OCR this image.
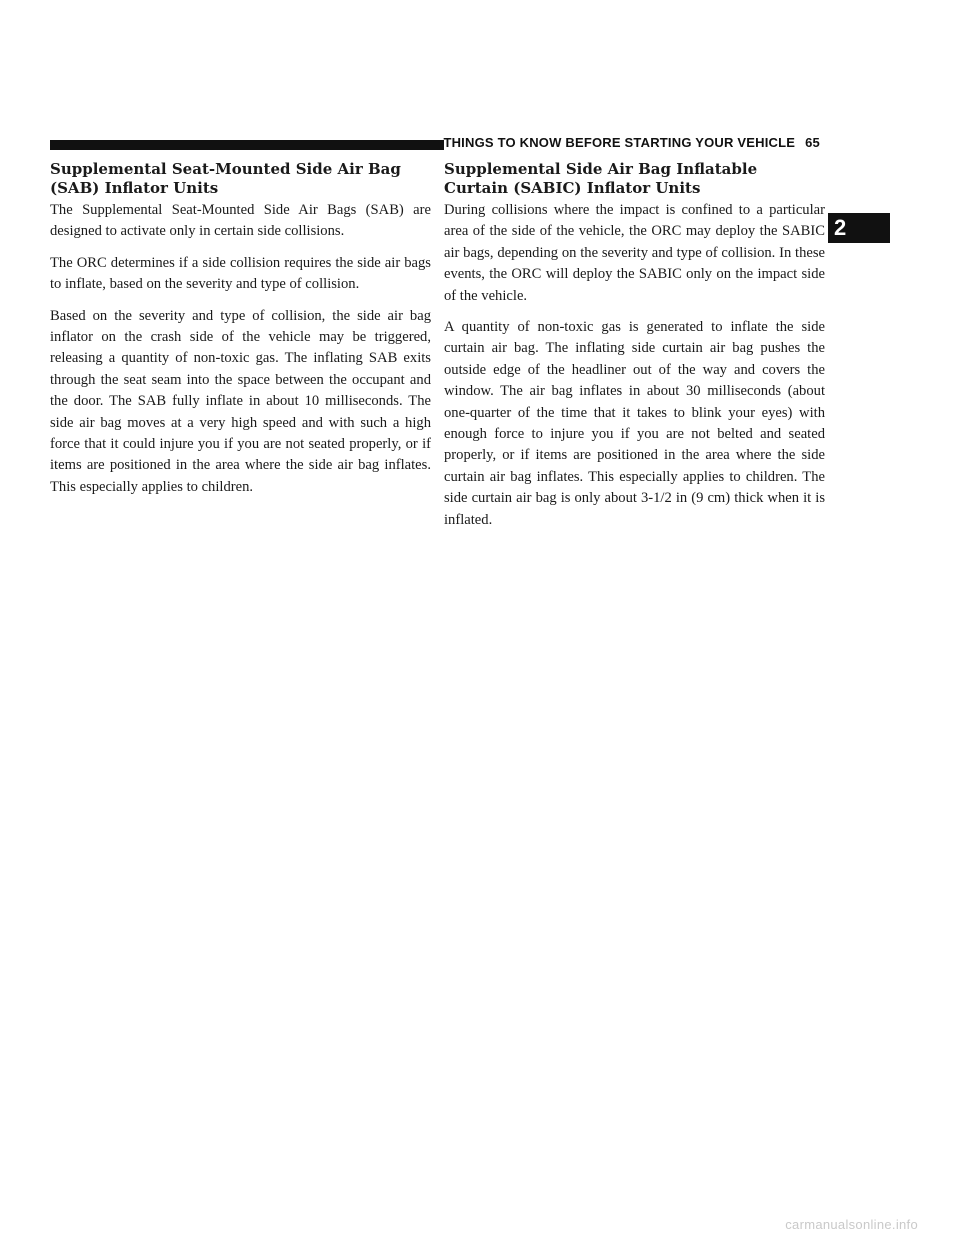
THINGS TO KNOW BEFORE STARTING YOUR VEHICLE 65
2
Supplemental Seat-Mounted Side Air Bag (SAB) Inflator Units

The Supplemental Seat-Mounted Side Air Bags (SAB) are designed to activate only in certain side collisions.

The ORC determines if a side collision requires the side air bags to inflate, based on the severity and type of collision.

Based on the severity and type of collision, the side air bag inflator on the crash side of the vehicle may be triggered, releasing a quantity of non-toxic gas. The inflating SAB exits through the seat seam into the space between the occupant and the door. The SAB fully inflate in about 10 milliseconds. The side air bag moves at a very high speed and with such a high force that it could injure you if you are not seated properly, or if items are positioned in the area where the side air bag inflates. This especially applies to children.

Supplemental Side Air Bag Inflatable Curtain (SABIC) Inflator Units

During collisions where the impact is confined to a particular area of the side of the vehicle, the ORC may deploy the SABIC air bags, depending on the severity and type of collision. In these events, the ORC will deploy the SABIC only on the impact side of the vehicle.

A quantity of non-toxic gas is generated to inflate the side curtain air bag. The inflating side curtain air bag pushes the outside edge of the headliner out of the way and covers the window. The air bag inflates in about 30 milliseconds (about one-quarter of the time that it takes to blink your eyes) with enough force to injure you if you are not belted and seated properly, or if items are positioned in the area where the side curtain air bag inflates. This especially applies to children. The side curtain air bag is only about 3-1/2 in (9 cm) thick when it is inflated.

carmanualsonline.info
